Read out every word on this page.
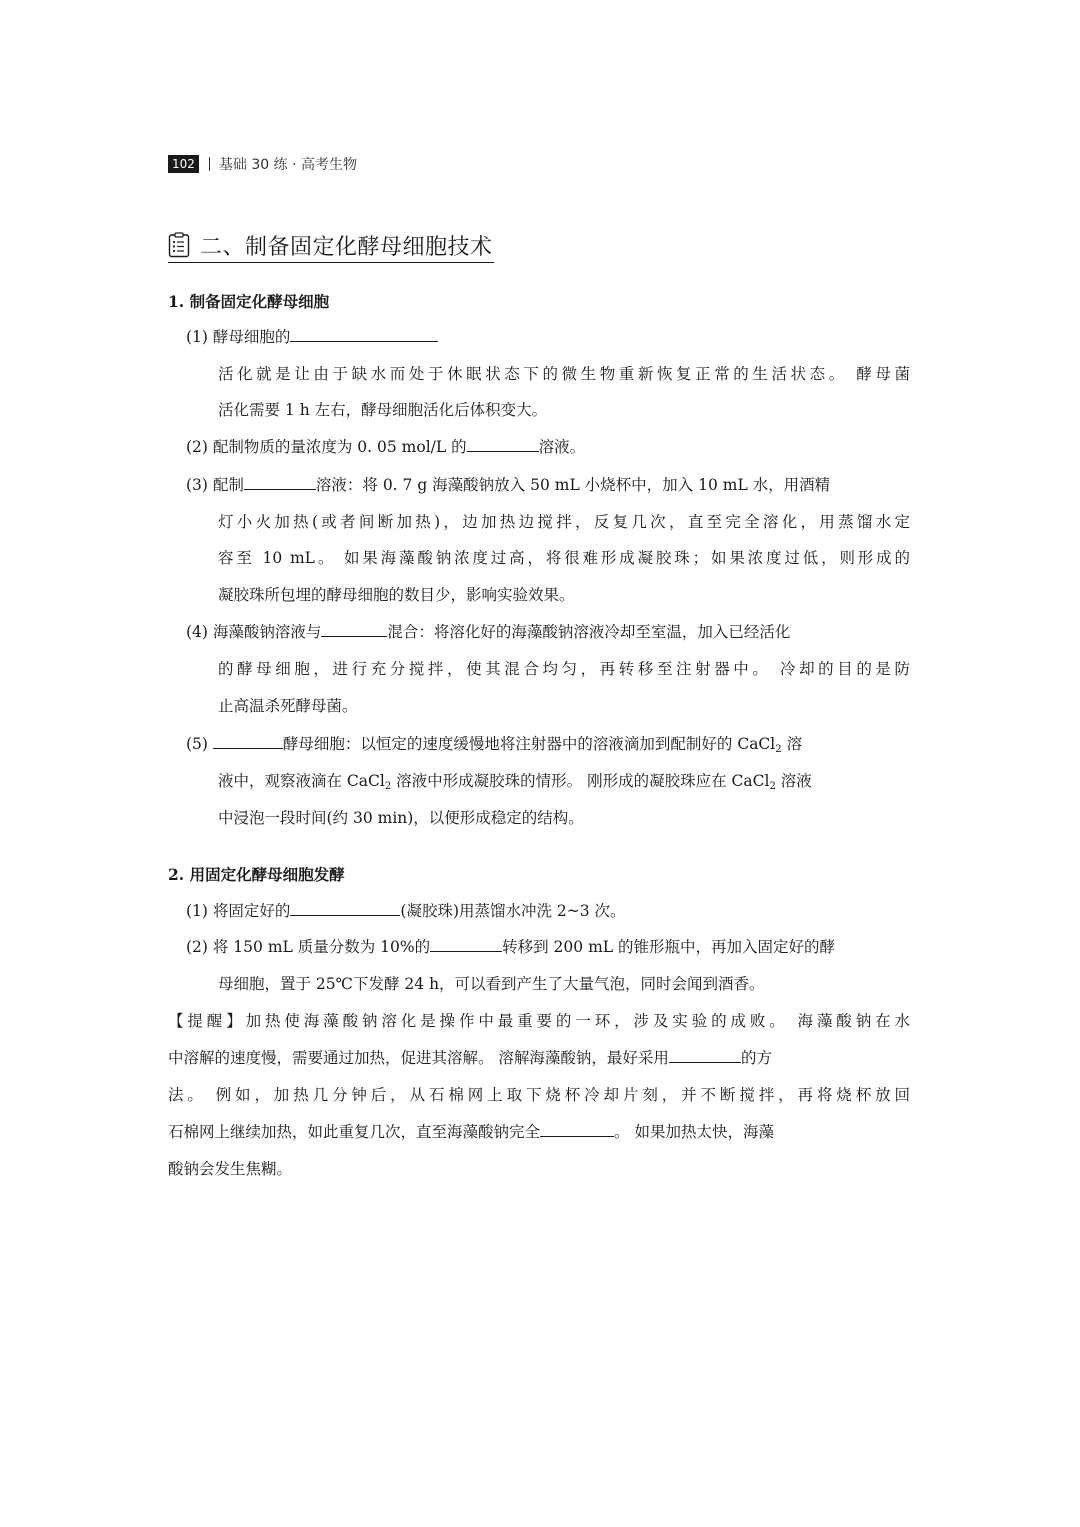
102 基础 30 练 · 高考生物
二、制备固定化酵母细胞技术
1. 制备固定化酵母细胞
(1) 酵母细胞的
活化就是让由于缺水而处于休眠状态下的微生物重新恢复正常的生活状态。 酵母菌
活化需要 1 h 左右，酵母细胞活化后体积变大。
(2) 配制物质的量浓度为 0. 05 mol/L 的	溶液。
(3) 配制	溶液：将 0. 7 g 海藻酸钠放入 50 mL 小烧杯中，加入 10 mL 水，用酒精
灯小火加热(或者间断加热)，边加热边搅拌，反复几次，直至完全溶化，用蒸馏水定
容至 10 mL。 如果海藻酸钠浓度过高，将很难形成凝胶珠；如果浓度过低，则形成的
凝胶珠所包埋的酵母细胞的数目少，影响实验效果。
(4) 海藻酸钠溶液与	混合：将溶化好的海藻酸钠溶液冷却至室温，加入已经活化
的酵母细胞，进行充分搅拌，使其混合均匀，再转移至注射器中。 冷却的目的是防
止高温杀死酵母菌。
(5)	酵母细胞：以恒定的速度缓慢地将注射器中的溶液滴加到配制好的 CaCl$_2$ 溶
液中，观察液滴在 CaCl$_2$ 溶液中形成凝胶珠的情形。 刚形成的凝胶珠应在 CaCl$_2$ 溶液
中浸泡一段时间(约 30 min)，以便形成稳定的结构。
2. 用固定化酵母细胞发酵
(1) 将固定好的	(凝胶珠)用蒸馏水冲洗 2~3 次。
(2) 将 150 mL 质量分数为 10%的	转移到 200 mL 的锥形瓶中，再加入固定好的酵
母细胞，置于 25℃下发酵 24 h，可以看到产生了大量气泡，同时会闻到酒香。
【提醒】加热使海藻酸钠溶化是操作中最重要的一环，涉及实验的成败。 海藻酸钠在水
中溶解的速度慢，需要通过加热，促进其溶解。 溶解海藻酸钠，最好采用	的方
法。 例如，加热几分钟后，从石棉网上取下烧杯冷却片刻，并不断搅拌，再将烧杯放回
石棉网上继续加热，如此重复几次，直至海藻酸钠完全	。 如果加热太快，海藻
酸钠会发生焦糊。
